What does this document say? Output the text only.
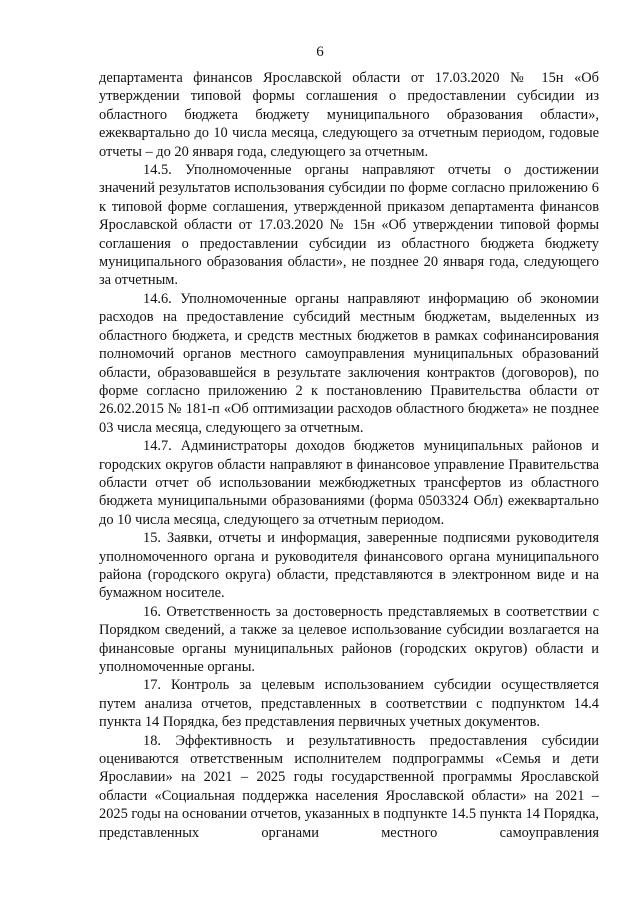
6

департамента финансов Ярославской области от 17.03.2020 № 15н «Об утверждении типовой формы соглашения о предоставлении субсидии из областного бюджета бюджету муниципального образования области», ежеквартально до 10 числа месяца, следующего за отчетным периодом, годовые отчеты – до 20 января года, следующего за отчетным.

14.5. Уполномоченные органы направляют отчеты о достижении значений результатов использования субсидии по форме согласно приложению 6 к типовой форме соглашения, утвержденной приказом департамента финансов Ярославской области от 17.03.2020 № 15н «Об утверждении типовой формы соглашения о предоставлении субсидии из областного бюджета бюджету муниципального образования области», не позднее 20 января года, следующего за отчетным.

14.6. Уполномоченные органы направляют информацию об экономии расходов на предоставление субсидий местным бюджетам, выделенных из областного бюджета, и средств местных бюджетов в рамках софинансирования полномочий органов местного самоуправления муниципальных образований области, образовавшейся в результате заключения контрактов (договоров), по форме согласно приложению 2 к постановлению Правительства области от 26.02.2015 № 181-п «Об оптимизации расходов областного бюджета» не позднее 03 числа месяца, следующего за отчетным.

14.7. Администраторы доходов бюджетов муниципальных районов и городских округов области направляют в финансовое управление Правительства области отчет об использовании межбюджетных трансфертов из областного бюджета муниципальными образованиями (форма 0503324 Обл) ежеквартально до 10 числа месяца, следующего за отчетным периодом.

15. Заявки, отчеты и информация, заверенные подписями руководителя уполномоченного органа и руководителя финансового органа муниципального района (городского округа) области, представляются в электронном виде и на бумажном носителе.

16. Ответственность за достоверность представляемых в соответствии с Порядком сведений, а также за целевое использование субсидии возлагается на финансовые органы муниципальных районов (городских округов) области и уполномоченные органы.

17. Контроль за целевым использованием субсидии осуществляется путем анализа отчетов, представленных в соответствии с подпунктом 14.4 пункта 14 Порядка, без представления первичных учетных документов.

18. Эффективность и результативность предоставления субсидии оцениваются ответственным исполнителем подпрограммы «Семья и дети Ярославии» на 2021 – 2025 годы государственной программы Ярославской области «Социальная поддержка населения Ярославской области» на 2021 – 2025 годы на основании отчетов, указанных в подпункте 14.5 пункта 14 Порядка, представленных органами местного самоуправления
